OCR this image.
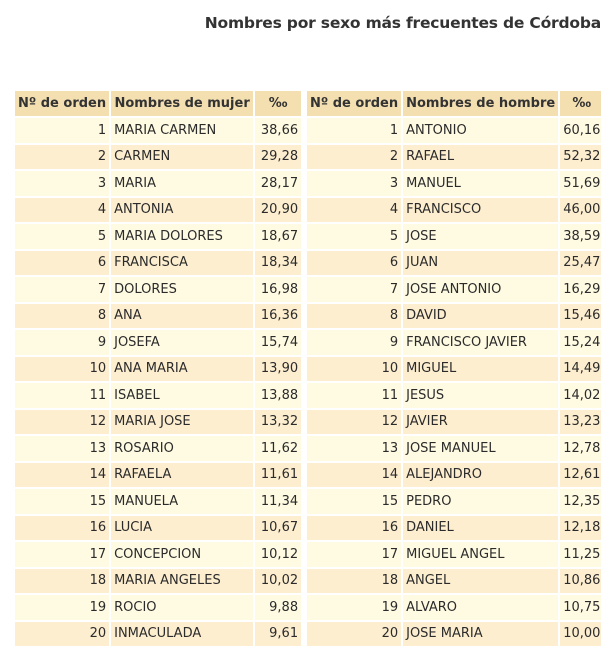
Nombres por sexo más frecuentes de Córdoba
Nº de orden	Nombres de mujer	‰
1	MARIA CARMEN	38,66
2	CARMEN	29,28
3	MARIA	28,17
4	ANTONIA	20,90
5	MARIA DOLORES	18,67
6	FRANCISCA	18,34
7	DOLORES	16,98
8	ANA	16,36
9	JOSEFA	15,74
10	ANA MARIA	13,90
11	ISABEL	13,88
12	MARIA JOSE	13,32
13	ROSARIO	11,62
14	RAFAELA	11,61
15	MANUELA	11,34
16	LUCIA	10,67
17	CONCEPCION	10,12
18	MARIA ANGELES	10,02
19	ROCIO	9,88
20	INMACULADA	9,61
Nº de orden	Nombres de hombre	‰
1	ANTONIO	60,16
2	RAFAEL	52,32
3	MANUEL	51,69
4	FRANCISCO	46,00
5	JOSE	38,59
6	JUAN	25,47
7	JOSE ANTONIO	16,29
8	DAVID	15,46
9	FRANCISCO JAVIER	15,24
10	MIGUEL	14,49
11	JESUS	14,02
12	JAVIER	13,23
13	JOSE MANUEL	12,78
14	ALEJANDRO	12,61
15	PEDRO	12,35
16	DANIEL	12,18
17	MIGUEL ANGEL	11,25
18	ANGEL	10,86
19	ALVARO	10,75
20	JOSE MARIA	10,00
